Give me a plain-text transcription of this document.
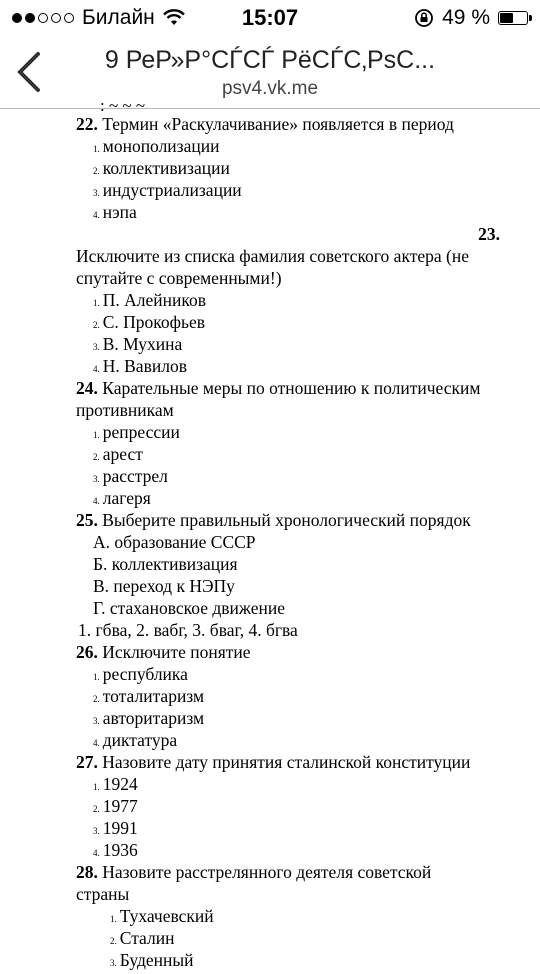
Билайн	15:07	49 %
9 РеР»Р°СЃСЃ РёСЃС‚РѕС...
psv4.vk.me
: ~ ~ ~
22. Термин «Раскулачивание» появляется в период
1. монополизации
2. коллективизации
3. индустриализации
4. нэпа
23.
Исключите из списка фамилия советского актера (не
спутайте с современными!)
1. П. Алейников
2. С. Прокофьев
3. В. Мухина
4. Н. Вавилов
24. Карательные меры по отношению к политическим
противникам
1. репрессии
2. арест
3. расстрел
4. лагеря
25. Выберите правильный хронологический порядок
А. образование СССР
Б. коллективизация
В. переход к НЭПу
Г. стахановское движение
1. гбва, 2. вабг, 3. бваг, 4. бгва
26. Исключите понятие
1. республика
2. тоталитаризм
3. авторитаризм
4. диктатура
27. Назовите дату принятия сталинской конституции
1. 1924
2. 1977
3. 1991
4. 1936
28. Назовите расстрелянного деятеля советской
страны
1. Тухачевский
2. Сталин
3. Буденный
